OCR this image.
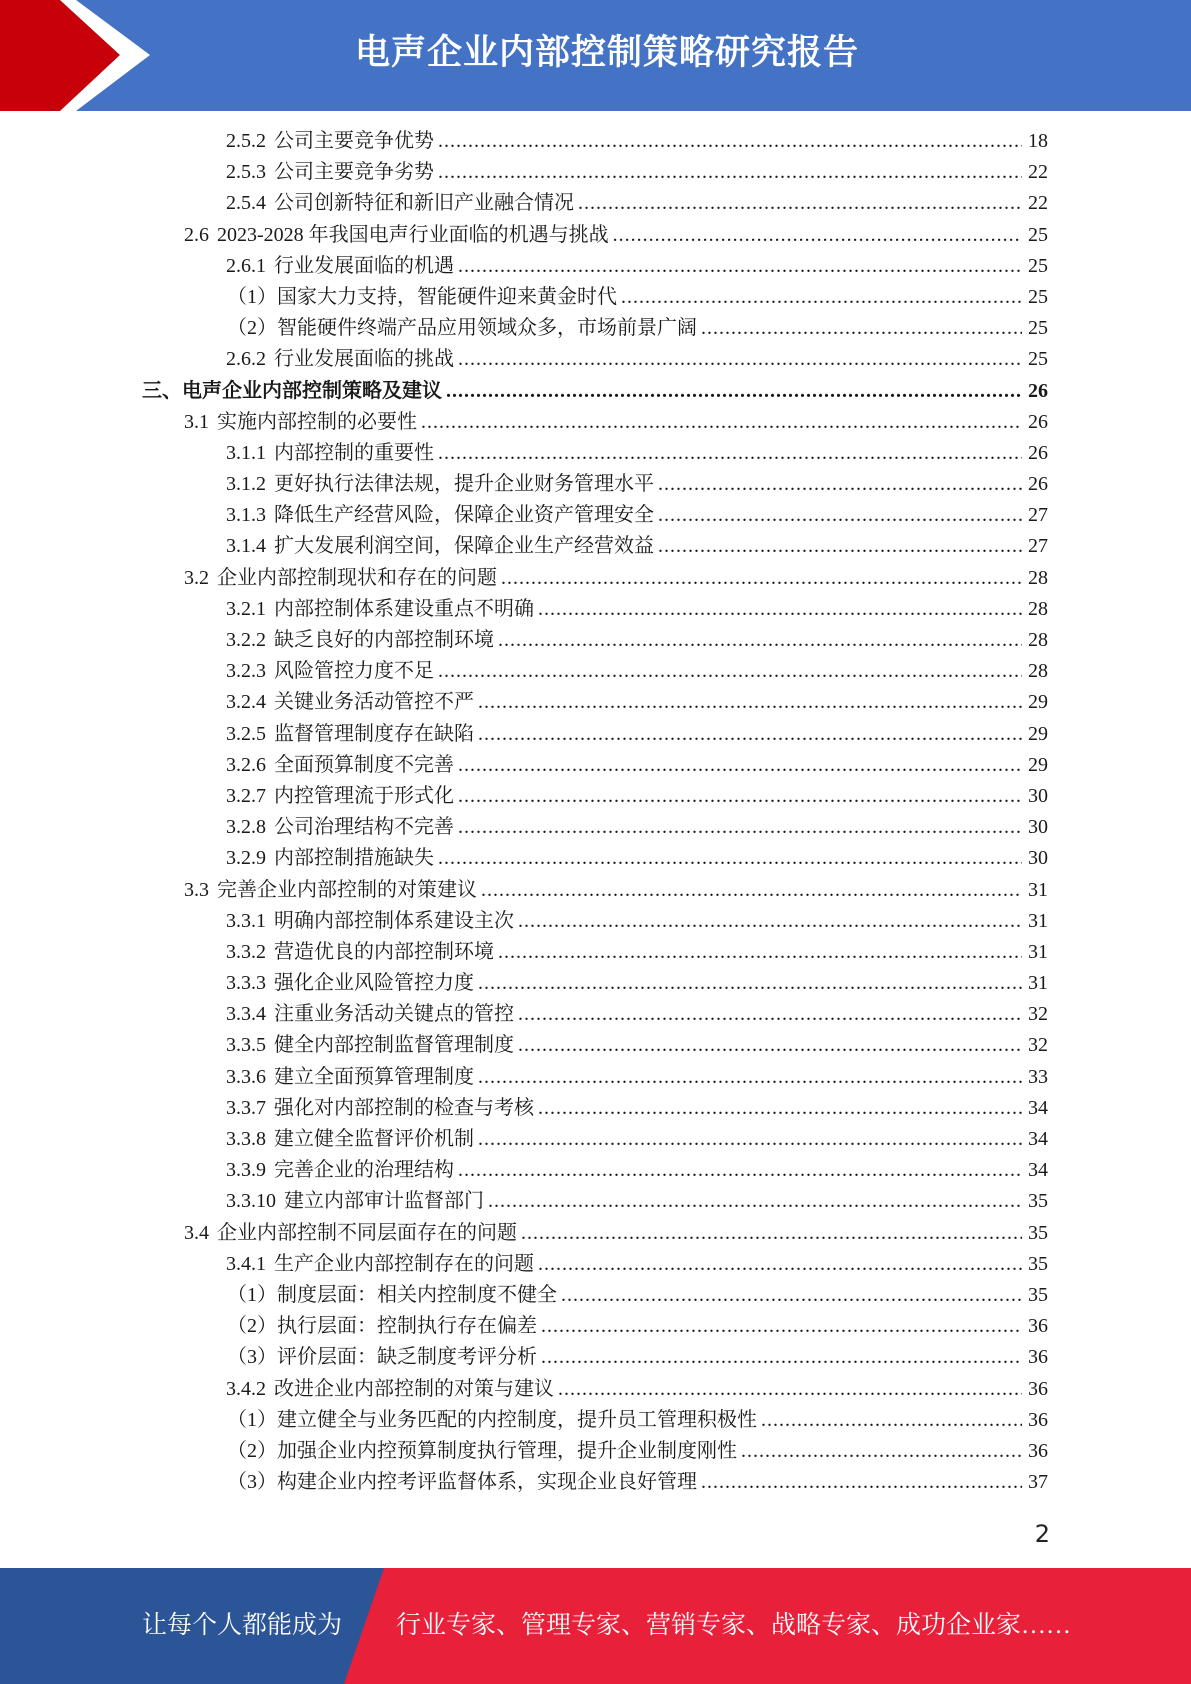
电声企业内部控制策略研究报告
2.5.2 公司主要竞争优势 .....	18
2.5.3 公司主要竞争劣势 .....	22
2.5.4 公司创新特征和新旧产业融合情况 .....	22
2.6 2023-2028 年我国电声行业面临的机遇与挑战 .....	25
2.6.1 行业发展面临的机遇 .....	25
（1）国家大力支持，智能硬件迎来黄金时代 .....	25
（2）智能硬件终端产品应用领域众多，市场前景广阔 .....	25
2.6.2 行业发展面临的挑战 .....	25
三、电声企业内部控制策略及建议 .....	26
3.1 实施内部控制的必要性 .....	26
3.1.1 内部控制的重要性 .....	26
3.1.2 更好执行法律法规，提升企业财务管理水平 .....	26
3.1.3 降低生产经营风险，保障企业资产管理安全 .....	27
3.1.4 扩大发展利润空间，保障企业生产经营效益 .....	27
3.2 企业内部控制现状和存在的问题 .....	28
3.2.1 内部控制体系建设重点不明确 .....	28
3.2.2 缺乏良好的内部控制环境 .....	28
3.2.3 风险管控力度不足 .....	28
3.2.4 关键业务活动管控不严 .....	29
3.2.5 监督管理制度存在缺陷 .....	29
3.2.6 全面预算制度不完善 .....	29
3.2.7 内控管理流于形式化 .....	30
3.2.8 公司治理结构不完善 .....	30
3.2.9 内部控制措施缺失 .....	30
3.3 完善企业内部控制的对策建议 .....	31
3.3.1 明确内部控制体系建设主次 .....	31
3.3.2 营造优良的内部控制环境 .....	31
3.3.3 强化企业风险管控力度 .....	31
3.3.4 注重业务活动关键点的管控 .....	32
3.3.5 健全内部控制监督管理制度 .....	32
3.3.6 建立全面预算管理制度 .....	33
3.3.7 强化对内部控制的检查与考核 .....	34
3.3.8 建立健全监督评价机制 .....	34
3.3.9 完善企业的治理结构 .....	34
3.3.10 建立内部审计监督部门 .....	35
3.4 企业内部控制不同层面存在的问题 .....	35
3.4.1 生产企业内部控制存在的问题 .....	35
（1）制度层面：相关内控制度不健全 .....	35
（2）执行层面：控制执行存在偏差 .....	36
（3）评价层面：缺乏制度考评分析 .....	36
3.4.2 改进企业内部控制的对策与建议 .....	36
（1）建立健全与业务匹配的内控制度，提升员工管理积极性 .....	36
（2）加强企业内控预算制度执行管理，提升企业制度刚性 .....	36
（3）构建企业内控考评监督体系，实现企业良好管理 .....	37
2
让每个人都能成为 行业专家、管理专家、营销专家、战略专家、成功企业家……
